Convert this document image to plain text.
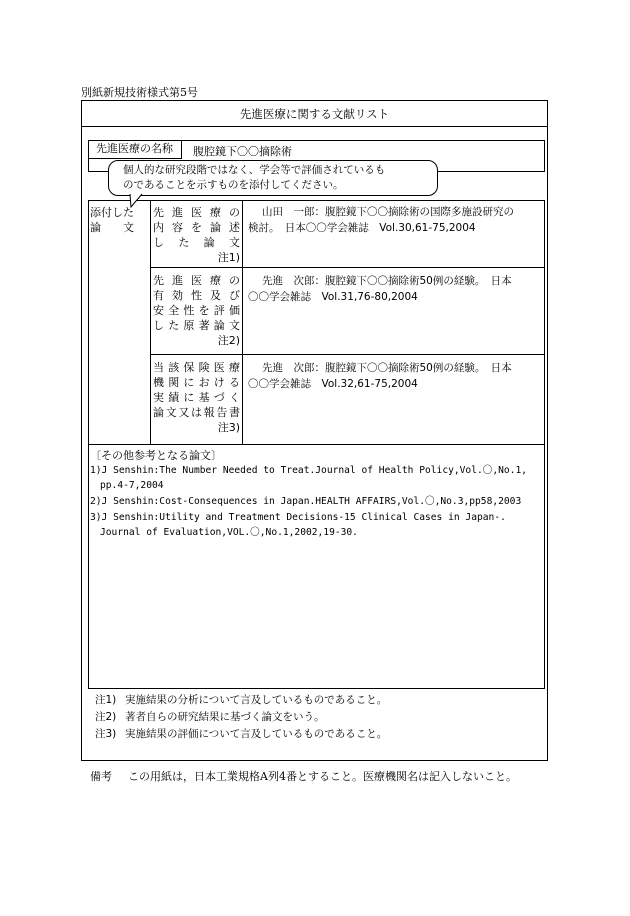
別紙新規技術様式第5号
先進医療に関する文献リスト
先進医療の名称	腹腔鏡下〇〇摘除術
個人的な研究段階ではなく、学会等で評価されているも
のであることを示すものを添付してください。
添付した
論　　文
先進医療の
内容を論述
した論文
注1)
山田　一郎：腹腔鏡下〇〇摘除術の国際多施設研究の
検討。　日本〇〇学会雑誌　Vol.30,61-75,2004
先進医療の
有効性及び
安全性を評価
した原著論文
注2)
先進　次郎：腹腔鏡下〇〇摘除術50例の経験。　日本
〇〇学会雑誌　Vol.31,76-80,2004
当該保険医療
機関における
実績に基づく
論文又は報告書
注3)
先進　次郎：腹腔鏡下〇〇摘除術50例の経験。　日本
〇〇学会雑誌　Vol.32,61-75,2004
〔その他参考となる論文〕
1)J Senshin:The Number Needed to Treat.Journal of Health Policy,Vol.〇,No.1, pp.4-7,2004
2)J Senshin:Cost-Consequences in Japan.HEALTH AFFAIRS,Vol.〇,No.3,pp58,2003
3)J Senshin:Utility and Treatment Decisions-15 Clinical Cases in Japan-. Journal of Evaluation,VOL.〇,No.1,2002,19-30.
注1) 実施結果の分析について言及しているものであること。
注2) 著者自らの研究結果に基づく論文をいう。
注3) 実施結果の評価について言及しているものであること。
備考 この用紙は，日本工業規格A列4番とすること。医療機関名は記入しないこと。
